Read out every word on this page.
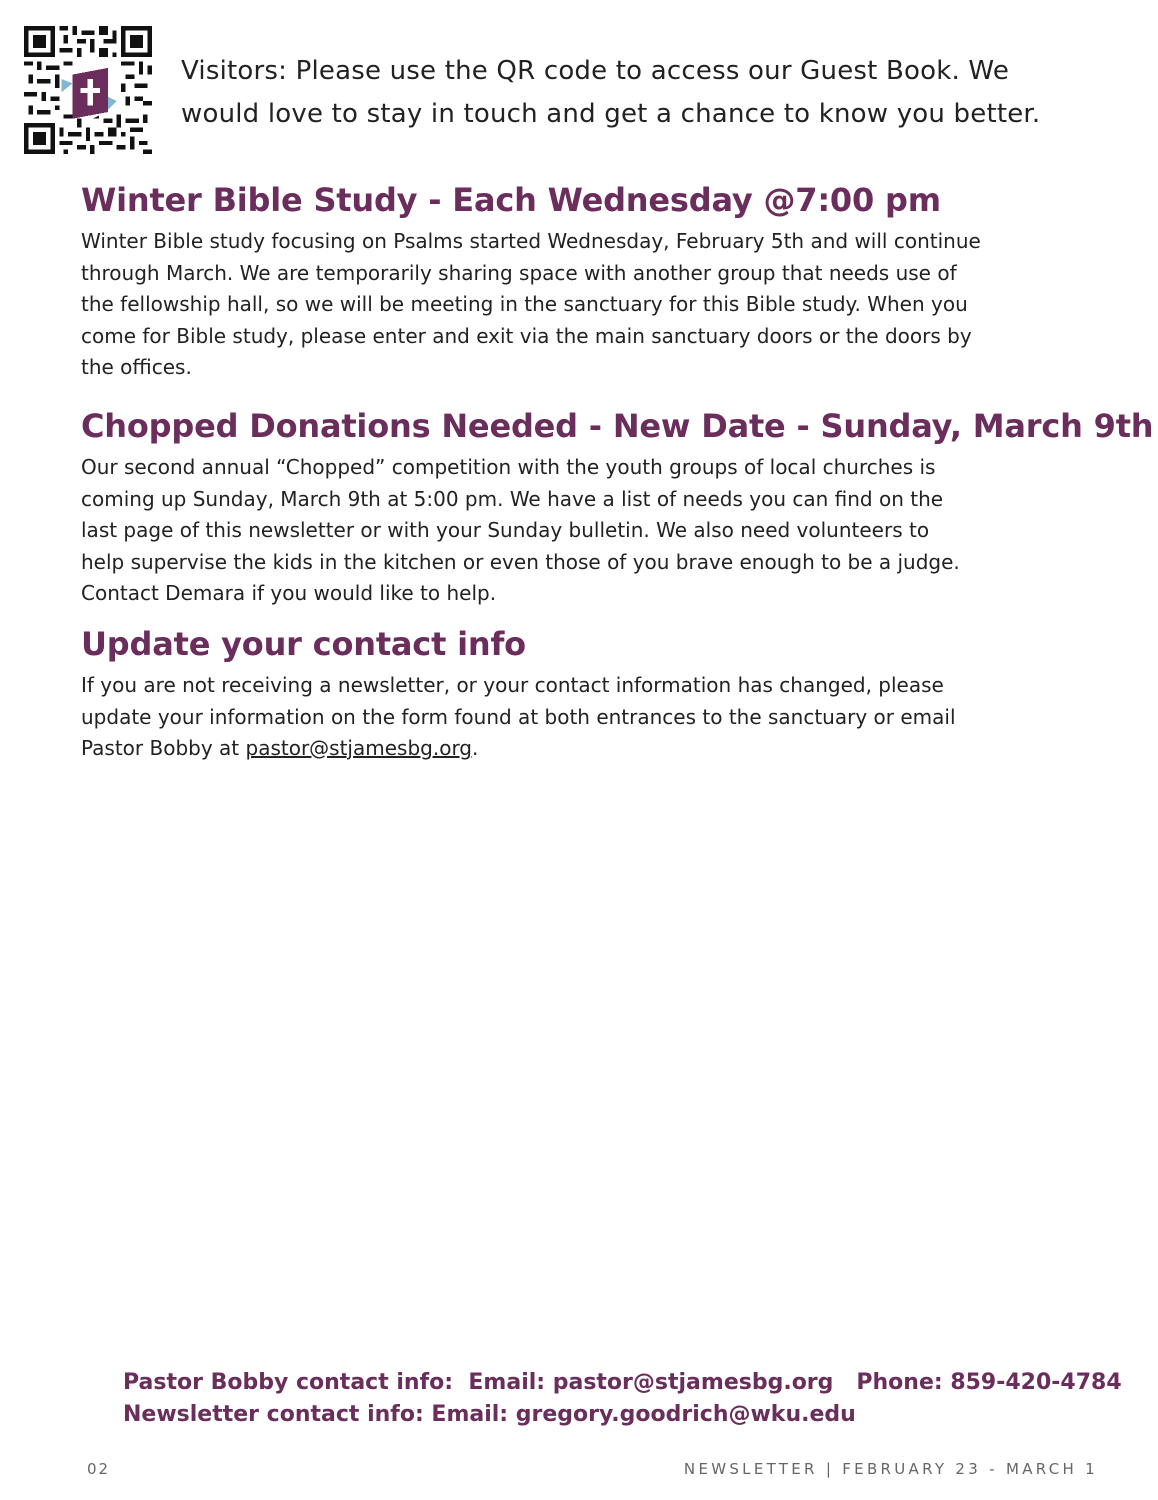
Visitors: Please use the QR code to access our Guest Book. We
would love to stay in touch and get a chance to know you better.
Winter Bible Study - Each Wednesday @7:00 pm
Winter Bible study focusing on Psalms started Wednesday, February 5th and will continue
through March. We are temporarily sharing space with another group that needs use of
the fellowship hall, so we will be meeting in the sanctuary for this Bible study. When you
come for Bible study, please enter and exit via the main sanctuary doors or the doors by
the offices.
Chopped Donations Needed - New Date - Sunday, March 9th
Our second annual “Chopped” competition with the youth groups of local churches is
coming up Sunday, March 9th at 5:00 pm. We have a list of needs you can find on the
last page of this newsletter or with your Sunday bulletin. We also need volunteers to
help supervise the kids in the kitchen or even those of you brave enough to be a judge.
Contact Demara if you would like to help.
Update your contact info
If you are not receiving a newsletter, or your contact information has changed, please
update your information on the form found at both entrances to the sanctuary or email
Pastor Bobby at pastor@stjamesbg.org.
Pastor Bobby contact info:  Email: pastor@stjamesbg.org   Phone: 859-420-4784
Newsletter contact info: Email: gregory.goodrich@wku.edu
02	NEWSLETTER | FEBRUARY 23 - MARCH 1
